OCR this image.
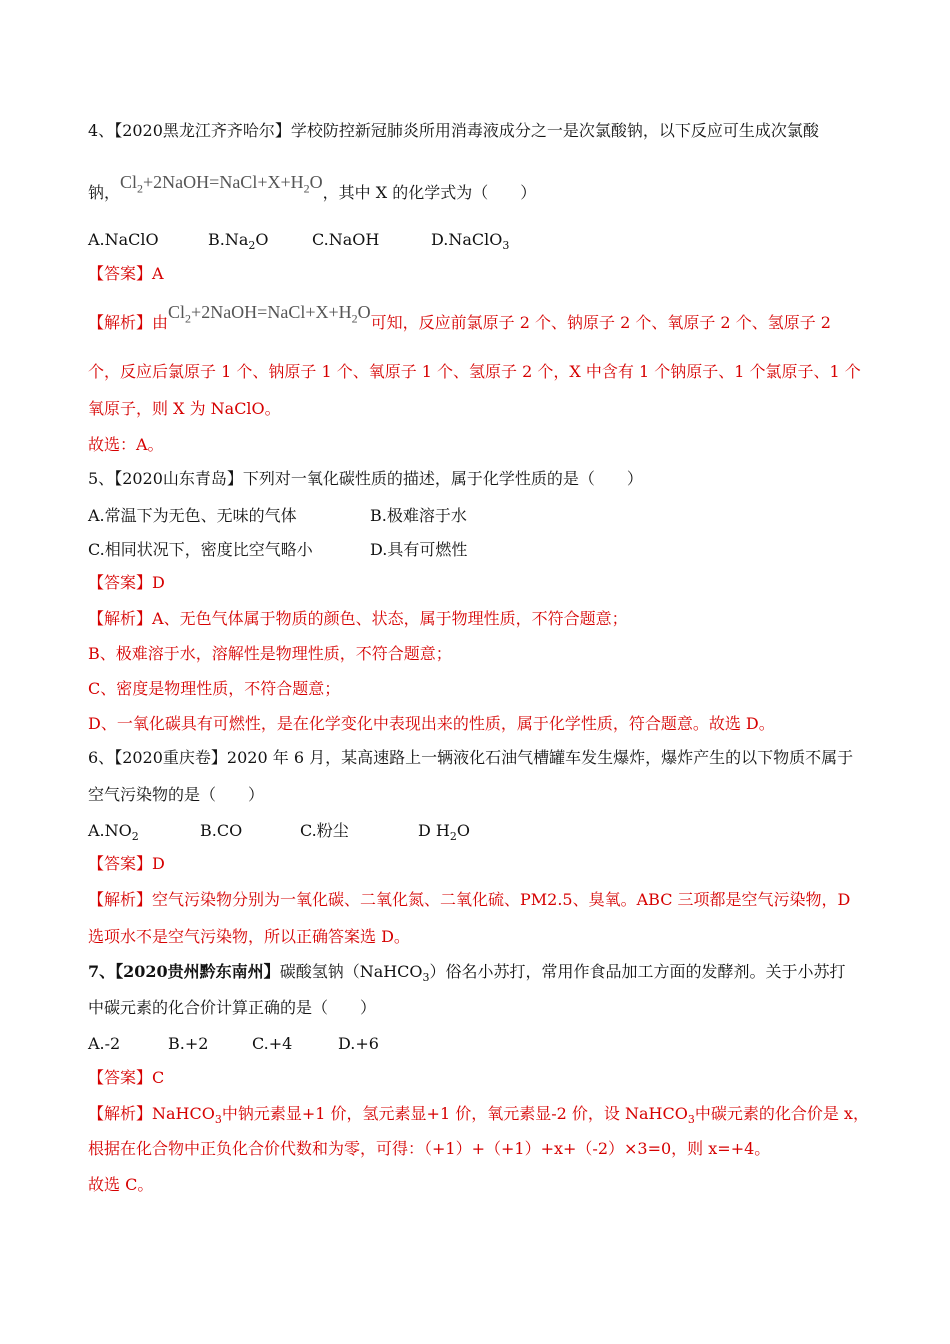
4、【2020黑龙江齐齐哈尔】学校防控新冠肺炎所用消毒液成分之一是次氯酸钠，以下反应可生成次氯酸
钠，$Cl_2+2NaOH=NaCl+X+H_2O$，其中 X 的化学式为（　　）
A.NaClO	$B.Na_2O$	C.NaOH	D.NaClO$_3$
【答案】A
【解析】由$Cl_2+2NaOH=NaCl+X+H_2O$可知，反应前氯原子 2 个、钠原子 2 个、氧原子 2 个、氢原子 2
个，反应后氯原子 1 个、钠原子 1 个、氧原子 1 个、氢原子 2 个，X 中含有 1 个钠原子、1 个氯原子、1 个
氧原子，则 X 为 NaClO。
故选：A。
5、【2020山东青岛】下列对一氧化碳性质的描述，属于化学性质的是（　　）
A.常温下为无色、无味的气体	B.极难溶于水
C.相同状况下，密度比空气略小	D.具有可燃性
【答案】D
【解析】A、无色气体属于物质的颜色、状态，属于物理性质，不符合题意；
B、极难溶于水，溶解性是物理性质，不符合题意；
C、密度是物理性质，不符合题意；
D、一氧化碳具有可燃性，是在化学变化中表现出来的性质，属于化学性质，符合题意。故选 D。
6、【2020重庆卷】2020 年 6 月，某高速路上一辆液化石油气槽罐车发生爆炸，爆炸产生的以下物质不属于
空气污染物的是（　　）
$A.NO_2$	B.CO	C.粉尘	D $H_2O$
【答案】D
【解析】空气污染物分别为一氧化碳、二氧化氮、二氧化硫、PM2.5、臭氧。ABC 三项都是空气污染物，D
选项水不是空气污染物，所以正确答案选 D。
7、【2020贵州黔东南州】碳酸氢钠（NaHCO$_3$）俗名小苏打，常用作食品加工方面的发酵剂。关于小苏打
中碳元素的化合价计算正确的是（　　）
A.-2	B.+2	C.+4	D.+6
【答案】C
【解析】NaHCO$_3$中钠元素显+1 价，氢元素显+1 价，氧元素显-2 价，设 NaHCO$_3$中碳元素的化合价是 x，
根据在化合物中正负化合价代数和为零，可得：（+1）+（+1）+x+（-2）×3=0，则 x=+4。
故选 C。
